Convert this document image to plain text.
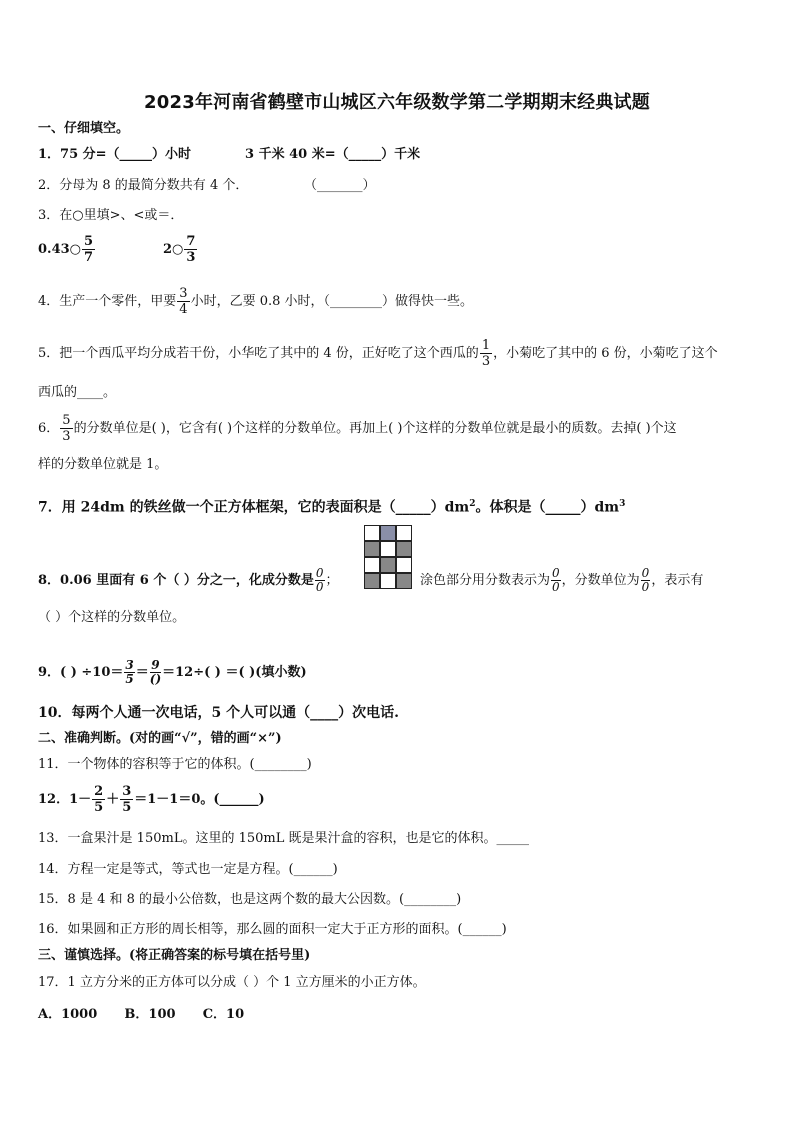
2023年河南省鹤壁市山城区六年级数学第二学期期末经典试题
一、仔细填空。
1．75 分=（_____）小时	3 千米 40 米=（_____）千米
2．分母为 8 的最简分数共有 4 个．	（_______）
3．在○里填>、<或＝．
0.43○ $\frac{5}{7}$	2○ $\frac{7}{3}$
4．生产一个零件，甲要 $\frac{3}{4}$ 小时，乙要 0.8 小时，（________）做得快一些。
5．把一个西瓜平均分成若干份，小华吃了其中的 4 份，正好吃了这个西瓜的 $\frac{1}{3}$ ，小菊吃了其中的 6 份，小菊吃了这个
西瓜的____。
6． $\frac{5}{3}$ 的分数单位是( )，它含有( )个这样的分数单位。再加上( )个这样的分数单位就是最小的质数。去掉( )个这
样的分数单位就是 1。
7．用 24dm 的铁丝做一个正方体框架，它的表面积是$(\_\_\_\_\_)dm^2$。体积是$(\_\_\_\_\_)dm^3$
8．0.06 里面有 6 个（ ）分之一，化成分数是 $\frac{0}{0}$ ；	涂色部分用分数表示为 $\frac{0}{0}$ ，分数单位为 $\frac{0}{0}$ ，表示有
（ ）个这样的分数单位。
9．( ) $\div 10= \frac{3}{5} = 9$
() ＝12÷( ) ＝( )(填小数)
10．每两个人通一次电话，5 个人可以通（____）次电话.
二、准确判断。(对的画“√”，错的画“×”)
11．一个物体的容积等于它的体积。(________)
12．$1- \frac{2}{5} + \frac{3}{5} =1-1=0$。(______)
13．一盒果汁是 150mL。这里的 150mL 既是果汁盒的容积，也是它的体积。_____
14．方程一定是等式，等式也一定是方程。(______)
15．8 是 4 和 8 的最小公倍数，也是这两个数的最大公因数。(________)
16．如果圆和正方形的周长相等，那么圆的面积一定大于正方形的面积。(______)
三、谨慎选择。(将正确答案的标号填在括号里)
17．1 立方分米的正方体可以分成（ ）个 1 立方厘米的小正方体。
A．1000      B．100      C．10
